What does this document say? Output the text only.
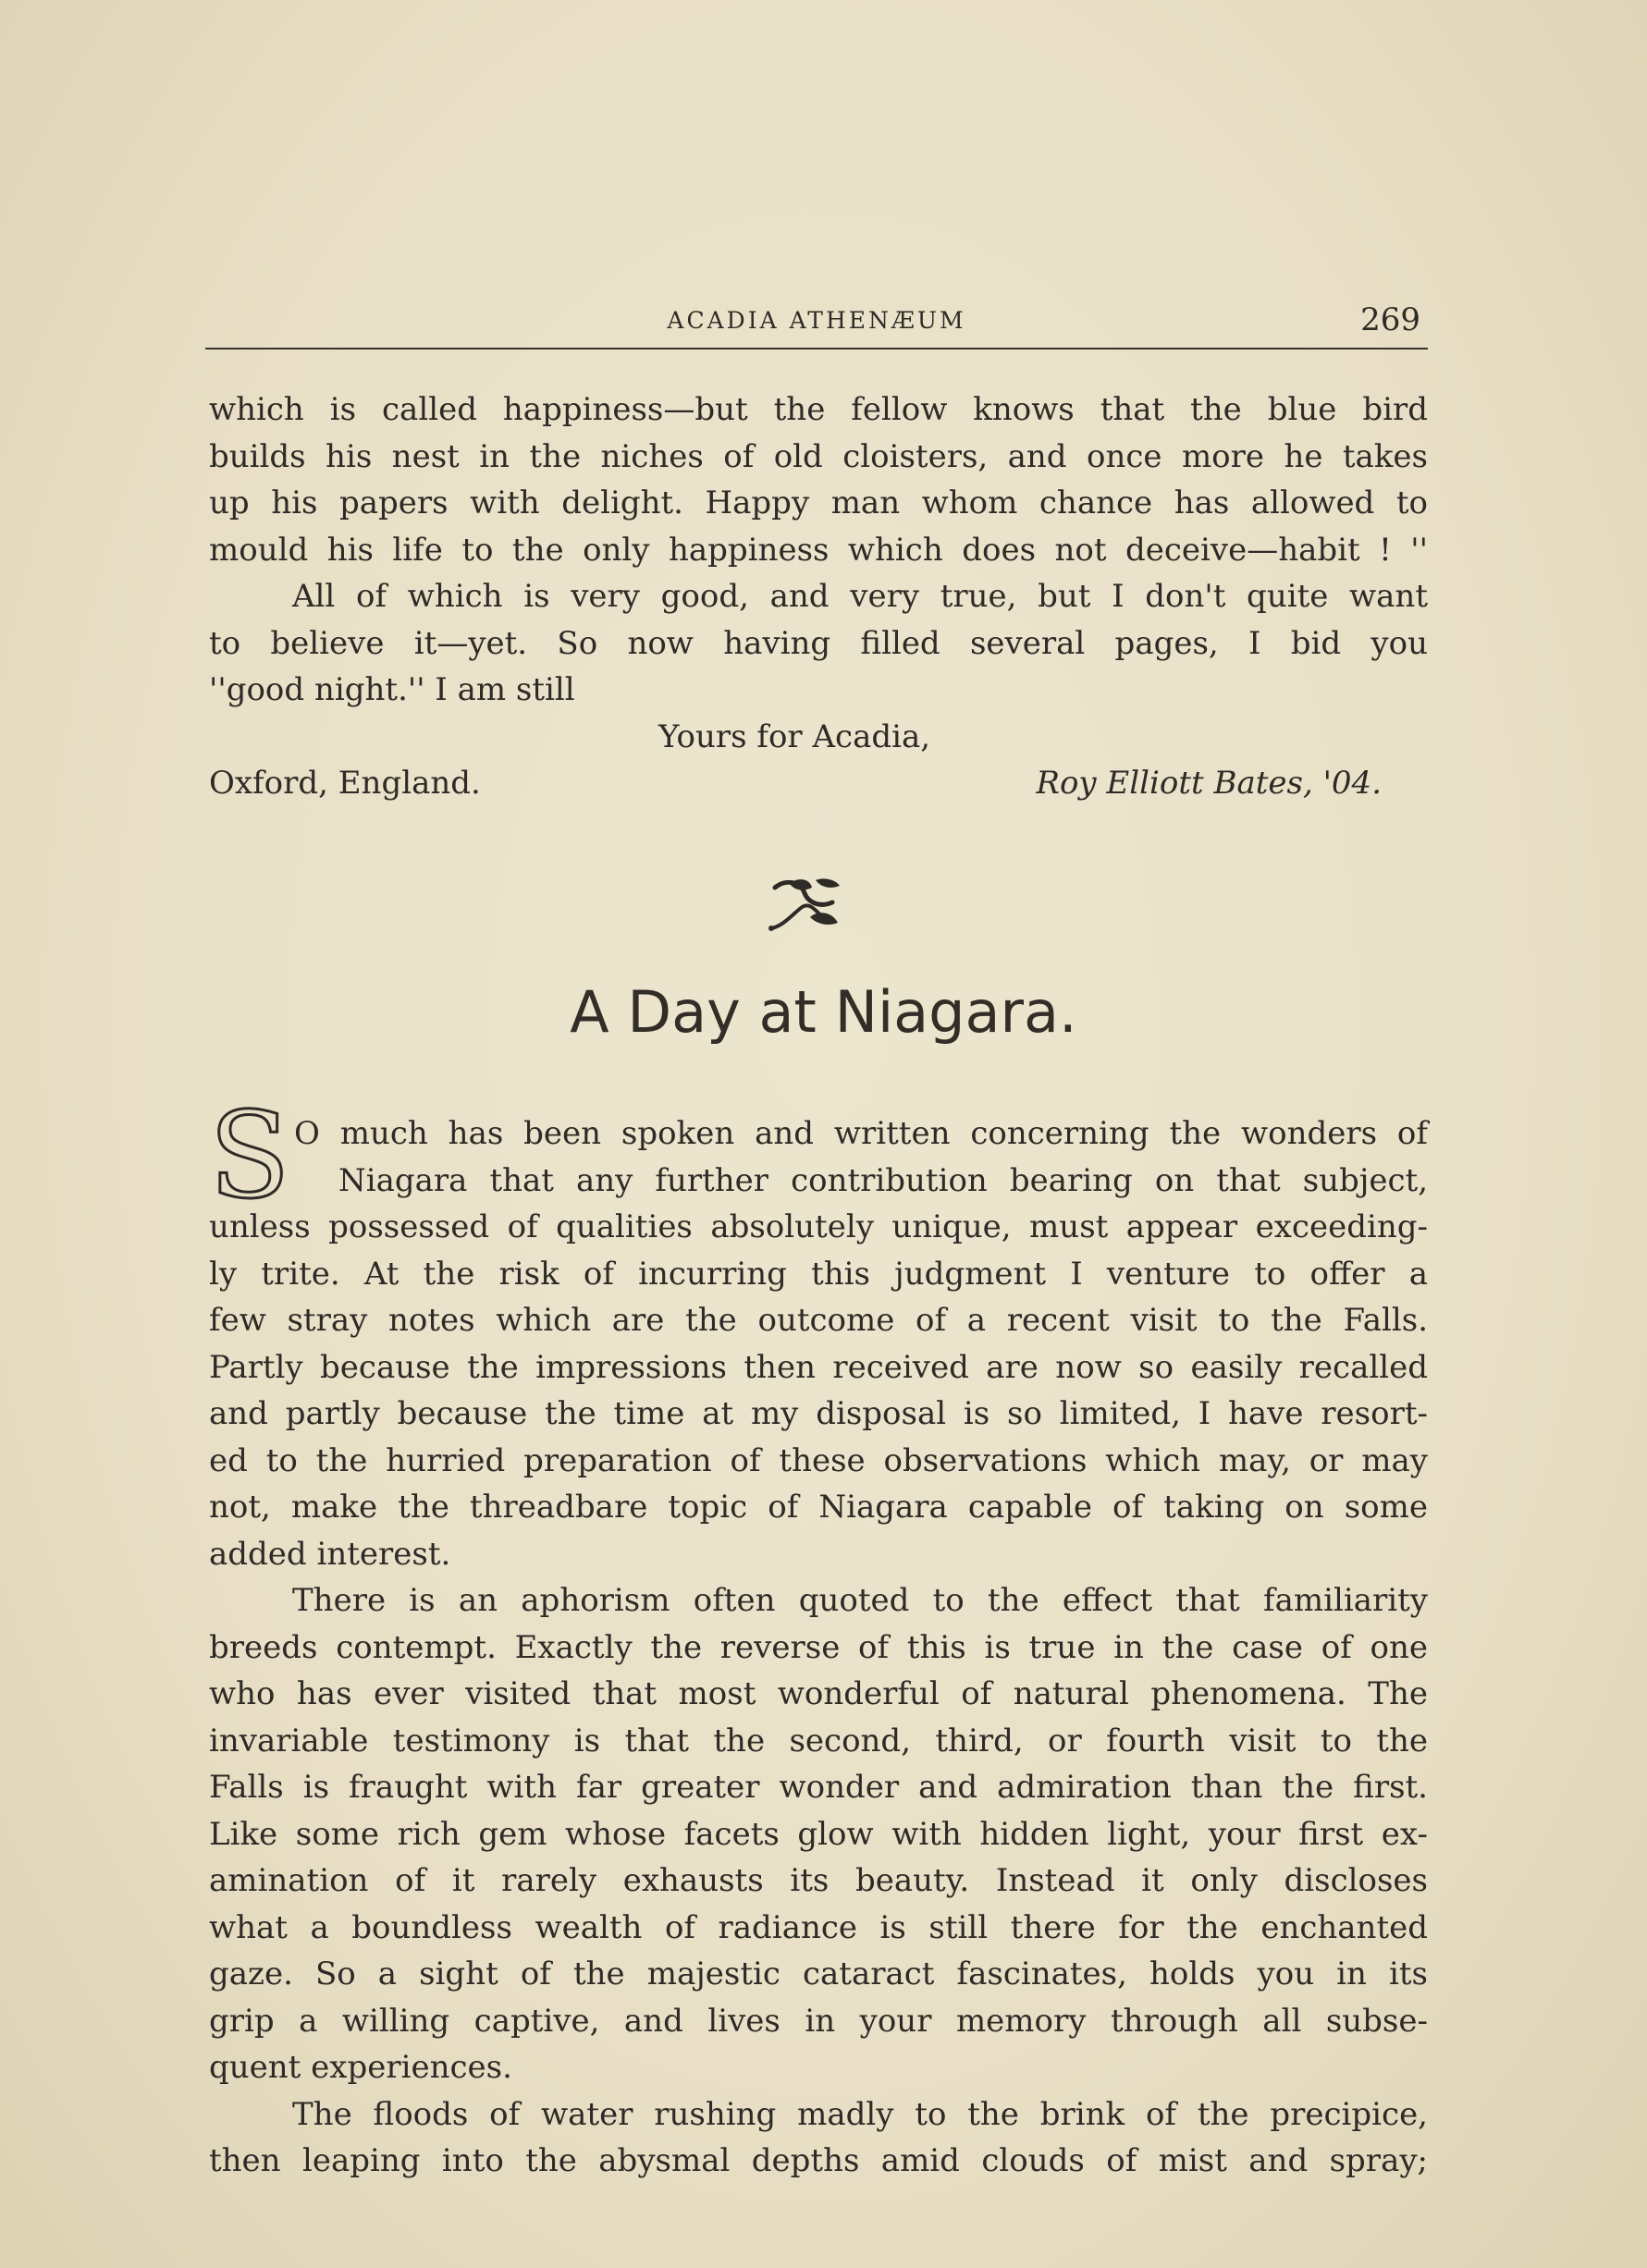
ACADIA ATHENÆUM	269
which is called happiness—but the fellow knows that the blue bird
builds his nest in the niches of old cloisters, and once more he takes
up his papers with delight. Happy man whom chance has allowed to
mould his life to the only happiness which does not deceive—habit ! ''
All of which is very good, and very true, but I don't quite want
to believe it—yet. So now having filled several pages, I bid you
''good night.'' I am still
Yours for Acadia,
Oxford, England.	Roy Elliott Bates, '04.
A Day at Niagara.
S O much has been spoken and written concerning the wonders of
Niagara that any further contribution bearing on that subject,
unless possessed of qualities absolutely unique, must appear exceeding-
ly trite. At the risk of incurring this judgment I venture to offer a
few stray notes which are the outcome of a recent visit to the Falls.
Partly because the impressions then received are now so easily recalled
and partly because the time at my disposal is so limited, I have resort-
ed to the hurried preparation of these observations which may, or may
not, make the threadbare topic of Niagara capable of taking on some
added interest.
There is an aphorism often quoted to the effect that familiarity
breeds contempt. Exactly the reverse of this is true in the case of one
who has ever visited that most wonderful of natural phenomena. The
invariable testimony is that the second, third, or fourth visit to the
Falls is fraught with far greater wonder and admiration than the first.
Like some rich gem whose facets glow with hidden light, your first ex-
amination of it rarely exhausts its beauty. Instead it only discloses
what a boundless wealth of radiance is still there for the enchanted
gaze. So a sight of the majestic cataract fascinates, holds you in its
grip a willing captive, and lives in your memory through all subse-
quent experiences.
The floods of water rushing madly to the brink of the precipice,
then leaping into the abysmal depths amid clouds of mist and spray;
